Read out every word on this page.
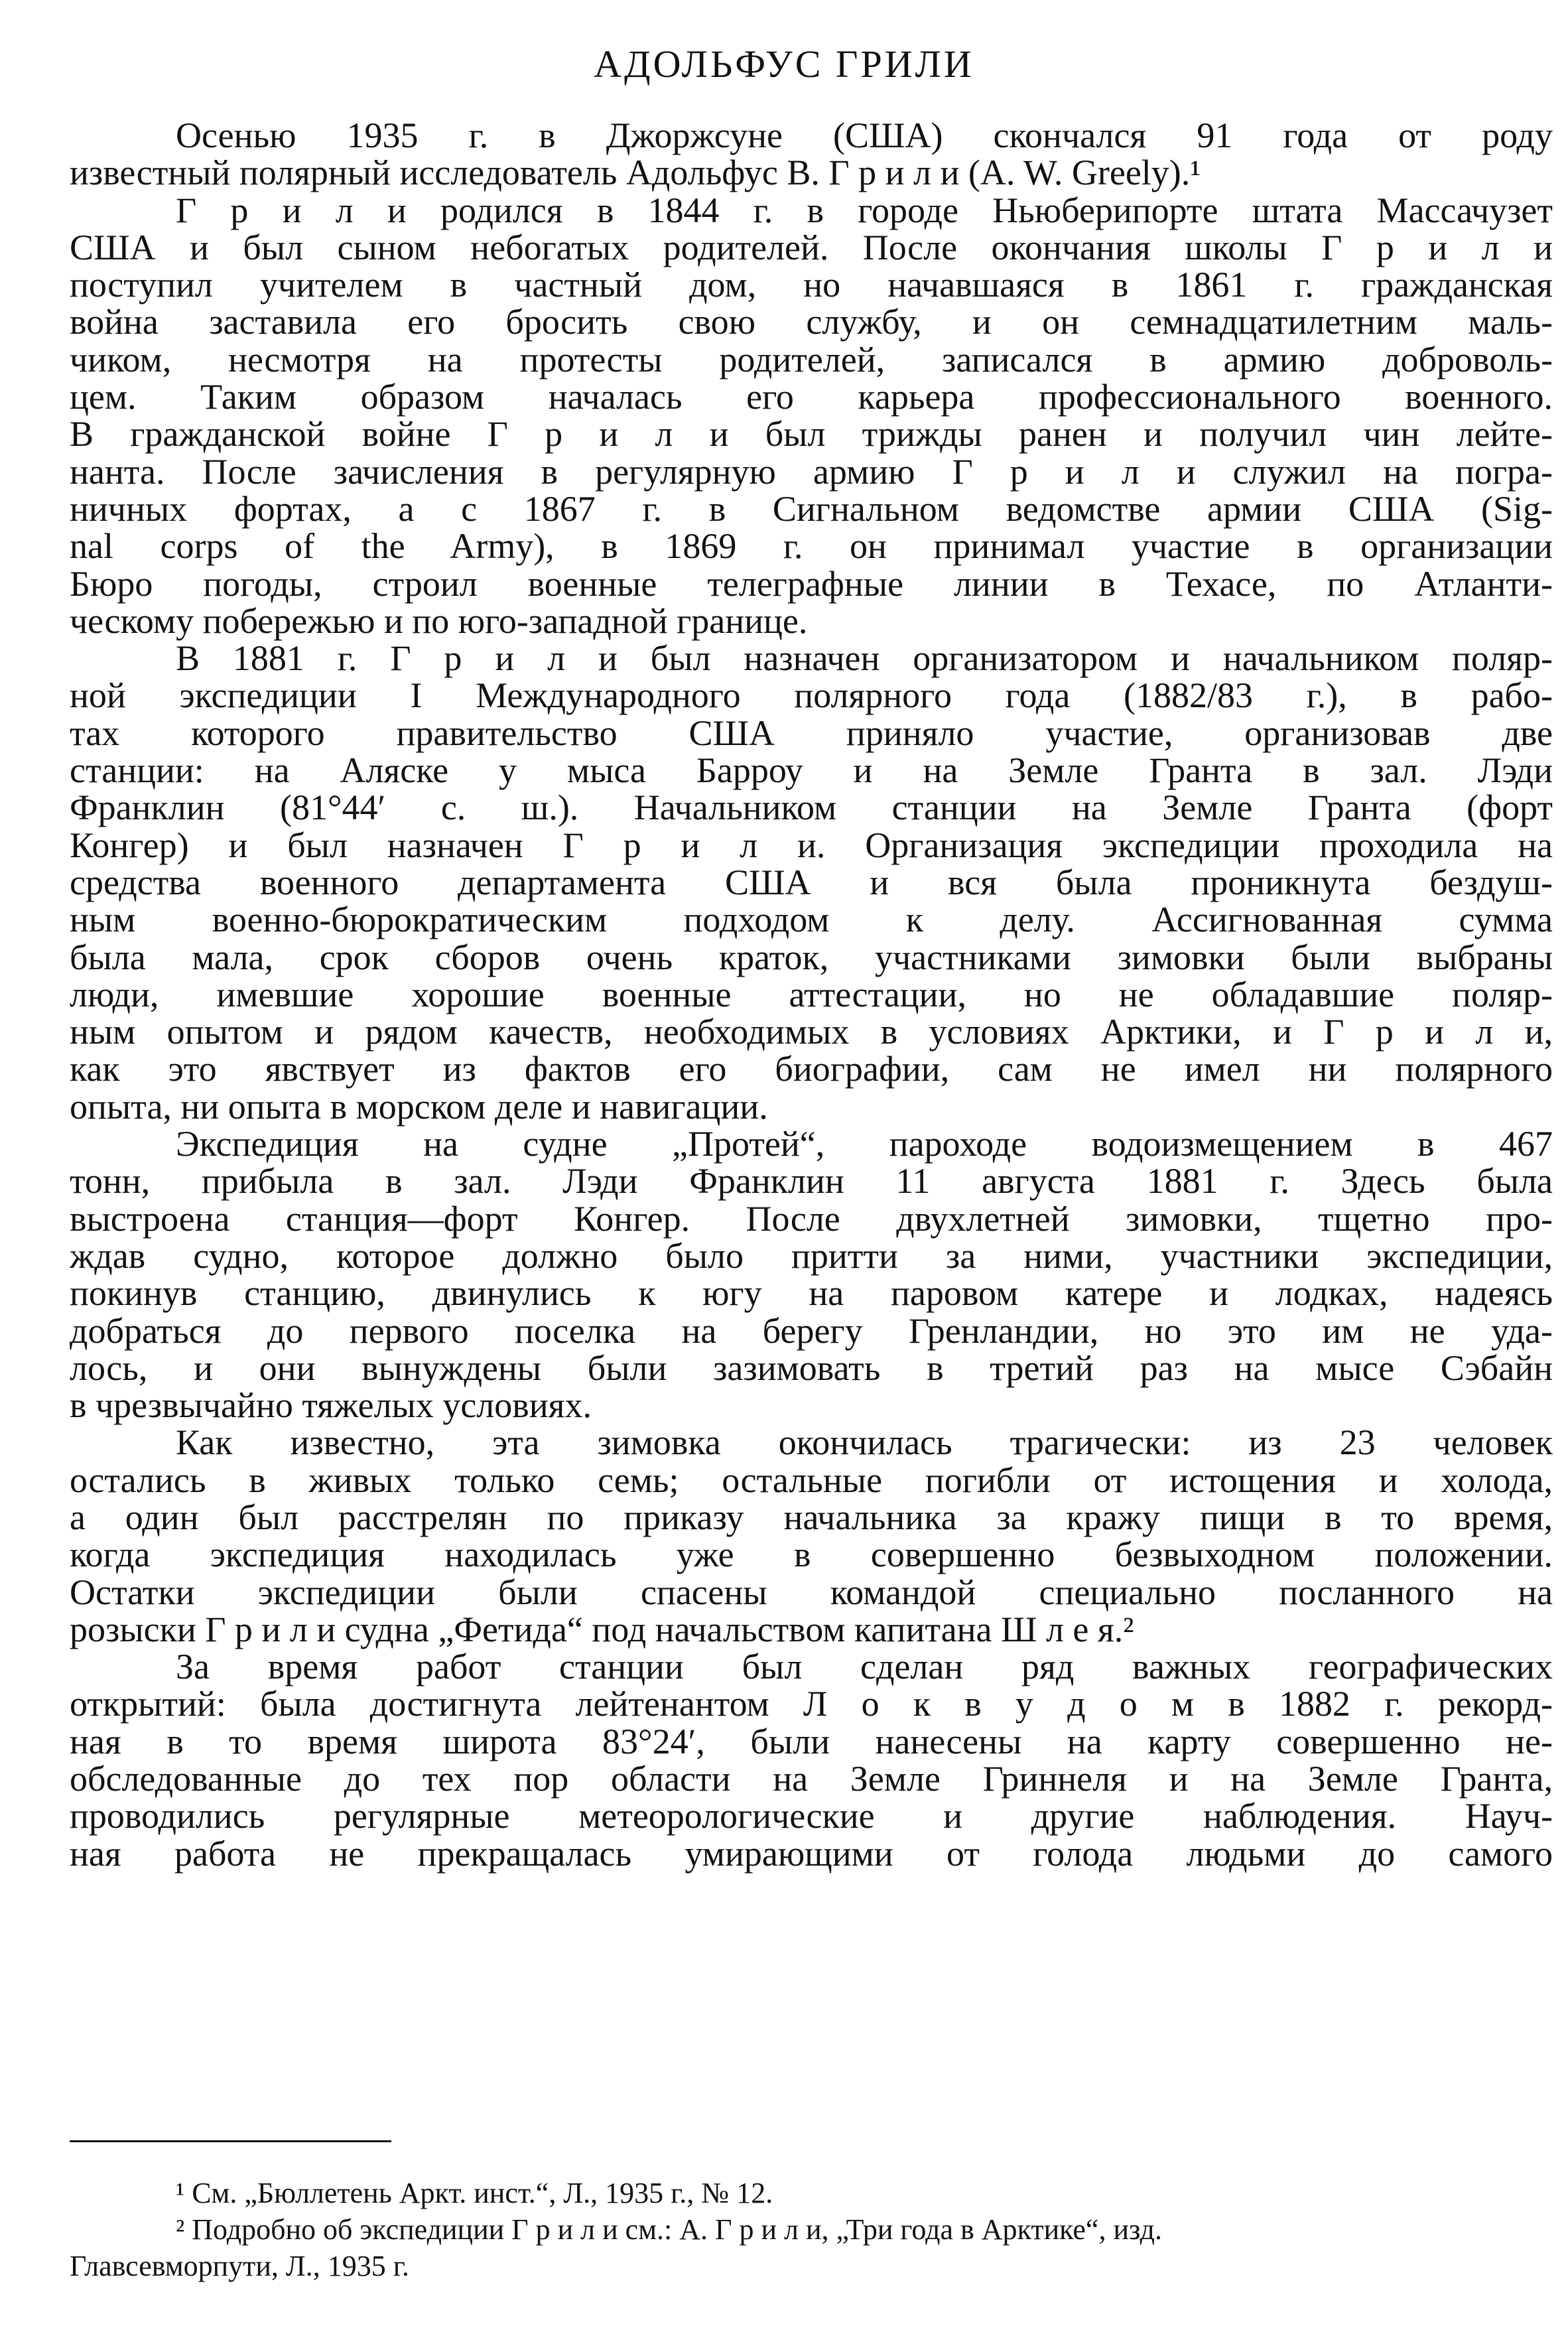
АДОЛЬФУС ГРИЛИ
Осенью 1935 г. в Джоржсуне (США) скончался 91 года от роду
известный полярный исследователь Адольфус В. Г р и л и (A. W. Greely).¹
Г р и л и родился в 1844 г. в городе Ньюберипорте штата Массачузет
США и был сыном небогатых родителей. После окончания школы Г р и л и
поступил учителем в частный дом, но начавшаяся в 1861 г. гражданская
война заставила его бросить свою службу, и он семнадцатилетним маль-
чиком, несмотря на протесты родителей, записался в армию доброволь-
цем. Таким образом началась его карьера профессионального военного.
В гражданской войне Г р и л и был трижды ранен и получил чин лейте-
нанта. После зачисления в регулярную армию Г р и л и служил на погра-
ничных фортах, а с 1867 г. в Сигнальном ведомстве армии США (Sig-
nal corps of the Army), в 1869 г. он принимал участие в организации
Бюро погоды, строил военные телеграфные линии в Техасе, по Атланти-
ческому побережью и по юго-западной границе.
В 1881 г. Г р и л и был назначен организатором и начальником поляр-
ной экспедиции I Международного полярного года (1882/83 г.), в рабо-
тах которого правительство США приняло участие, организовав две
станции: на Аляске у мыса Барроу и на Земле Гранта в зал. Лэди
Франклин (81°44′ с. ш.). Начальником станции на Земле Гранта (форт
Конгер) и был назначен Г р и л и. Организация экспедиции проходила на
средства военного департамента США и вся была проникнута бездуш-
ным военно-бюрократическим подходом к делу. Ассигнованная сумма
была мала, срок сборов очень краток, участниками зимовки были выбраны
люди, имевшие хорошие военные аттестации, но не обладавшие поляр-
ным опытом и рядом качеств, необходимых в условиях Арктики, и Г р и л и,
как это явствует из фактов его биографии, сам не имел ни полярного
опыта, ни опыта в морском деле и навигации.
Экспедиция на судне „Протей“, пароходе водоизмещением в 467
тонн, прибыла в зал. Лэди Франклин 11 августа 1881 г. Здесь была
выстроена станция—форт Конгер. После двухлетней зимовки, тщетно про-
ждав судно, которое должно было притти за ними, участники экспедиции,
покинув станцию, двинулись к югу на паровом катере и лодках, надеясь
добраться до первого поселка на берегу Гренландии, но это им не уда-
лось, и они вынуждены были зазимовать в третий раз на мысе Сэбайн
в чрезвычайно тяжелых условиях.
Как известно, эта зимовка окончилась трагически: из 23 человек
остались в живых только семь; остальные погибли от истощения и холода,
а один был расстрелян по приказу начальника за кражу пищи в то время,
когда экспедиция находилась уже в совершенно безвыходном положении.
Остатки экспедиции были спасены командой специально посланного на
розыски Г р и л и судна „Фетида“ под начальством капитана Ш л е я.²
За время работ станции был сделан ряд важных географических
открытий: была достигнута лейтенантом Л о к в у д о м в 1882 г. рекорд-
ная в то время широта 83°24′, были нанесены на карту совершенно не-
обследованные до тех пор области на Земле Гриннеля и на Земле Гранта,
проводились регулярные метеорологические и другие наблюдения. Науч-
ная работа не прекращалась умирающими от голода людьми до самого
¹ См. „Бюллетень Аркт. инст.“, Л., 1935 г., № 12.
² Подробно об экспедиции Г р и л и см.: А. Г р и л и, „Три года в Арктике“, изд.
Главсевморпути, Л., 1935 г.
